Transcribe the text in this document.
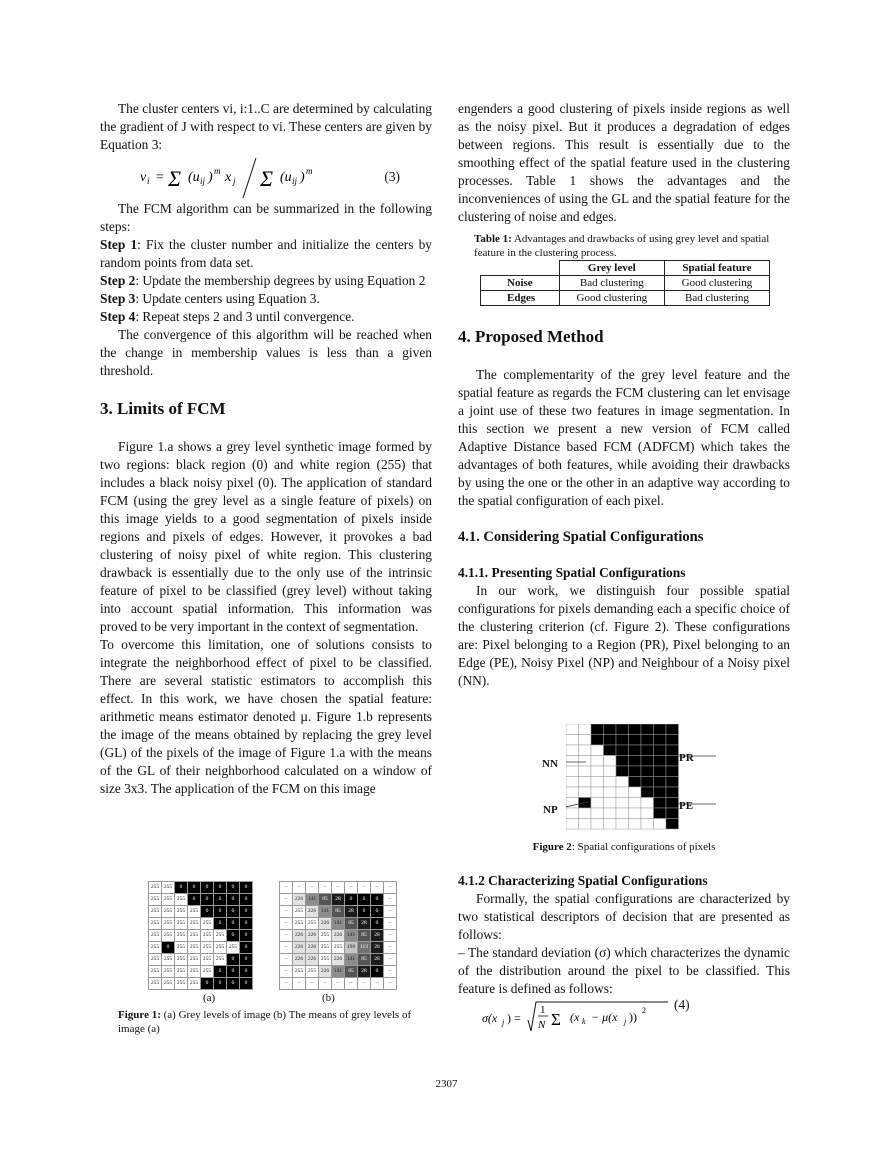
The cluster centers vi, i:1..C are determined by calculating the gradient of J with respect to vi. These centers are given by Equation 3:

v i = Σ (u ij ) m x j Σ (u ij ) m	(3)

The FCM algorithm can be summarized in the following steps:

Step 1: Fix the cluster number and initialize the centers by random points from data set.

Step 2: Update the membership degrees by using Equation 2

Step 3: Update centers using Equation 3.

Step 4: Repeat steps 2 and 3 until convergence.

The convergence of this algorithm will be reached when the change in membership values is less than a given threshold.

3. Limits of FCM

Figure 1.a shows a grey level synthetic image formed by two regions: black region (0) and white region (255) that includes a black noisy pixel (0). The application of standard FCM (using the grey level as a single feature of pixels) on this image yields to a good segmentation of pixels inside regions and pixels of edges. However, it provokes a bad clustering of noisy pixel of white region. This clustering drawback is essentially due to the only use of the intrinsic feature of pixel to be classified (grey level) without taking into account spatial information. This information was proved to be very important in the context of segmentation.

To overcome this limitation, one of solutions consists to integrate the neighborhood effect of pixel to be classified. There are several statistic estimators to accomplish this effect. In this work, we have chosen the spatial feature: arithmetic means estimator denoted µ. Figure 1.b represents the image of the means obtained by replacing the grey level (GL) of the pixels of the image of Figure 1.a with the means of the GL of their neighborhood calculated on a window of size 3x3. The application of the FCM on this image

255	255	0	0	0	0	0	0
255	255	255	0	0	0	0	0
255	255	255	255	0	0	0	0
255	255	255	255	255	0	0	0
255	255	255	255	255	255	0	0
255	0	255	255	255	255	255	0
255	255	255	255	255	255	0	0
255	255	255	255	255	0	0	0
255	255	255	255	0	0	0	0
–	–	–	–	–	–	–	–	–
–	226	141	85	28	0	0	0	–
–	255	226	141	85	28	0	0	–
–	255	255	226	141	85	28	0	–
–	226	226	255	226	141	85	28	–
–	226	226	255	255	198	113	28	–
–	226	226	255	226	141	85	28	–
–	255	255	226	141	85	28	0	–
–	–	–	–	–	–	–	–	–
(a)	(b)
Figure 1: (a) Grey levels of image (b) The means of grey levels of image (a)

engenders a good clustering of pixels inside regions as well as the noisy pixel. But it produces a degradation of edges between regions. This result is essentially due to the smoothing effect of the spatial feature used in the clustering processes. Table 1 shows the advantages and the inconveniences of using the GL and the spatial feature for the clustering of noise and edges.

Table 1: Advantages and drawbacks of using grey level and spatial feature in the clustering process.
	Grey level	Spatial feature
Noise	Bad clustering	Good clustering
Edges	Good clustering	Bad clustering

4. Proposed Method

The complementarity of the grey level feature and the spatial feature as regards the FCM clustering can let envisage a joint use of these two features in image segmentation. In this section we present a new version of FCM called Adaptive Distance based FCM (ADFCM) which takes the advantages of both features, while avoiding their drawbacks by using the one or the other in an adaptive way according to the spatial configuration of each pixel.

4.1. Considering Spatial Configurations

4.1.1. Presenting Spatial Configurations

In our work, we distinguish four possible spatial configurations for pixels demanding each a specific choice of the clustering criterion (cf. Figure 2). These configurations are: Pixel belonging to a Region (PR), Pixel belonging to an Edge (PE), Noisy Pixel (NP) and Neighbour of a Noisy pixel (NN).

NN
NP
PR
PE
Figure 2: Spatial configurations of pixels

4.1.2 Characterizing Spatial Configurations

Formally, the spatial configurations are characterized by two statistical descriptors of decision that are presented as follows:

– The standard deviation (σ) which characterizes the dynamic of the distribution around the pixel to be classified. This feature is defined as follows:

σ(x j ) =
1
N Σ (x k − μ(x j )) 2 (4)
2307
